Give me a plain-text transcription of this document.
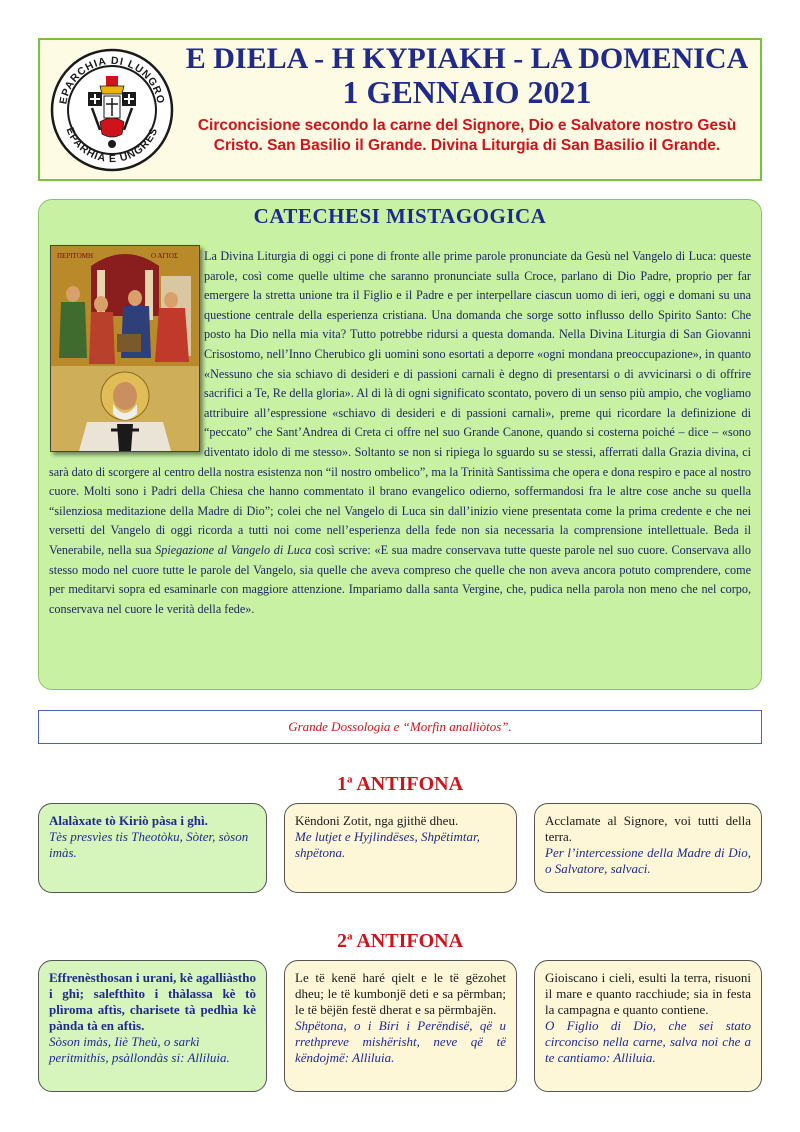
EPARCHIA DI LUNGRO
EPARHIA E UNGRES
E DIELA - Η ΚΥΡΙΑΚΗ - LA DOMENICA
1 GENNAIO 2021
Circoncisione secondo la carne del Signore, Dio e Salvatore nostro Gesù Cristo. San Basilio il Grande. Divina Liturgia di San Basilio il Grande.
CATECHESI MISTAGOGICA
La Divina Liturgia di oggi ci pone di fronte alle prime parole pronunciate da Gesù nel Vangelo di Luca: queste parole, così come quelle ultime che saranno pronunciate sulla Croce, parlano di Dio Padre, proprio per far emergere la stretta unione tra il Figlio e il Padre e per interpellare ciascun uomo di ieri, oggi e domani su una questione centrale della esperienza cristiana. Una domanda che sorge sotto influsso dello Spirito Santo: Che posto ha Dio nella mia vita? Tutto potrebbe ridursi a questa domanda. Nella Divina Liturgia di San Giovanni Crisostomo, nell’Inno Cherubico gli uomini sono esortati a deporre «ogni mondana preoccupazione», in quanto «Nessuno che sia schiavo di desideri e di passioni carnali è degno di presentarsi o di avvicinarsi o di offrire sacrifici a Te, Re della gloria». Al di là di ogni significato scontato, povero di un senso più ampio, che vogliamo attribuire all’espressione «schiavo di desideri e di passioni carnali», preme qui ricordare la definizione di “peccato” che Sant’Andrea di Creta ci offre nel suo Grande Canone, quando si costerna poiché – dice – «sono diventato idolo di me stesso». Soltanto se non si ripiega lo sguardo su se stessi, afferrati dalla Grazia divina, ci sarà dato di scorgere al centro della nostra esistenza non “il nostro ombelico”, ma la Trinità Santissima che opera e dona respiro e pace al nostro cuore. Molti sono i Padri della Chiesa che hanno commentato il brano evangelico odierno, soffermandosi fra le altre cose anche su quella “silenziosa meditazione della Madre di Dio”; colei che nel Vangelo di Luca sin dall’inizio viene presentata come la prima credente e che nei versetti del Vangelo di oggi ricorda a tutti noi come nell’esperienza della fede non sia necessaria la comprensione intellettuale. Beda il Venerabile, nella sua Spiegazione al Vangelo di Luca così scrive: «E sua madre conservava tutte queste parole nel suo cuore. Conservava allo stesso modo nel cuore tutte le parole del Vangelo, sia quelle che aveva compreso che quelle che non aveva ancora potuto comprendere, come per meditarvi sopra ed esaminarle con maggiore attenzione. Impariamo dalla santa Vergine, che, pudica nella parola non meno che nel corpo, conservava nel cuore le verità della fede».
ΠΕΡΙΤΟΜΗ	Ο ΑΓΙΟΣ
Grande Dossologia e “Morfìn analliòtos”.
1$^a$ ANTIFONA
Alalàxate tò Kiriò pàsa i ghì.
Tès presvìes tis Theotòku, Sòter, sòson imàs.
Këndoni Zotit, nga gjithë dheu.
Me lutjet e Hyjlindëses, Shpëtimtar, shpëtona.
Acclamate al Signore, voi tutti della terra.
Per l’intercessione della Madre di Dio, o Salvatore, salvaci.
2$^a$ ANTIFONA
Effrenèsthosan i urani, kè agalliàstho i ghì; salefthìto i thàlassa kè tò plìroma aftìs, charisete tà pedhìa kè pànda tà en aftìs.
Sòson imàs, Iiè Theù, o sarkì peritmithis, psàllondàs si: Alliluia.
Le të kenë haré qielt e le të gëzohet dheu; le të kumbonjë deti e sa përmban; le të bëjën festë dherat e sa përmbajën.
Shpëtona, o i Biri i Perëndisë, që u rrethpreve mishërisht, neve që të këndojmë: Alliluia.
Gioiscano i cieli, esulti la terra, risuoni il mare e quanto racchiude; sia in festa la campagna e quanto contiene.
O Figlio di Dio, che sei stato circonciso nella carne, salva noi che a te cantiamo: Alliluia.
